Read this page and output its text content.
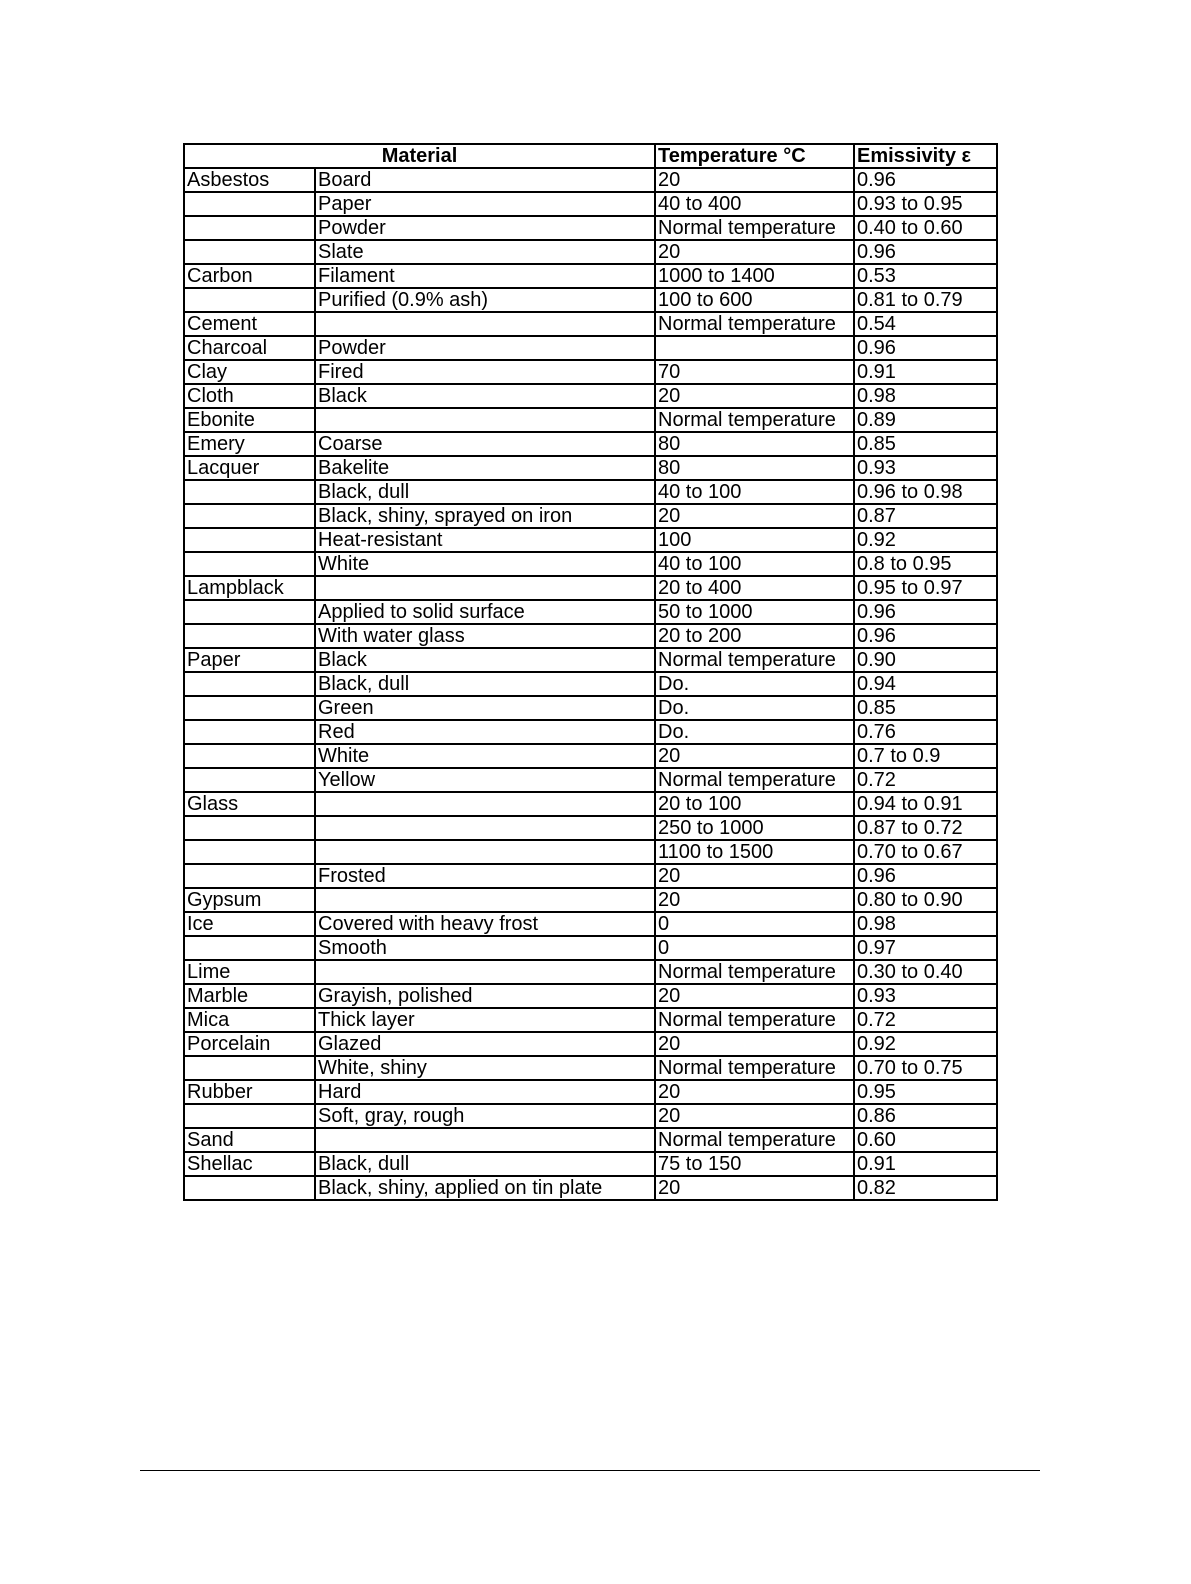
Material		Temperature °C	Emissivity ε
Asbestos	Board	20	0.96
	Paper	40 to 400	0.93 to 0.95
	Powder	Normal temperature	0.40 to 0.60
	Slate	20	0.96
Carbon	Filament	1000 to 1400	0.53
	Purified (0.9% ash)	100 to 600	0.81 to 0.79
Cement		Normal temperature	0.54
Charcoal	Powder		0.96
Clay	Fired	70	0.91
Cloth	Black	20	0.98
Ebonite		Normal temperature	0.89
Emery	Coarse	80	0.85
Lacquer	Bakelite	80	0.93
	Black, dull	40 to 100	0.96 to 0.98
	Black, shiny, sprayed on iron	20	0.87
	Heat-resistant	100	0.92
	White	40 to 100	0.8 to 0.95
Lampblack		20 to 400	0.95 to 0.97
	Applied to solid surface	50 to 1000	0.96
	With water glass	20 to 200	0.96
Paper	Black	Normal temperature	0.90
	Black, dull	Do.	0.94
	Green	Do.	0.85
	Red	Do.	0.76
	White	20	0.7 to 0.9
	Yellow	Normal temperature	0.72
Glass		20 to 100	0.94 to 0.91
		250 to 1000	0.87 to 0.72
		1100 to 1500	0.70 to 0.67
	Frosted	20	0.96
Gypsum		20	0.80 to 0.90
Ice	Covered with heavy frost	0	0.98
	Smooth	0	0.97
Lime		Normal temperature	0.30 to 0.40
Marble	Grayish, polished	20	0.93
Mica	Thick layer	Normal temperature	0.72
Porcelain	Glazed	20	0.92
	White, shiny	Normal temperature	0.70 to 0.75
Rubber	Hard	20	0.95
	Soft, gray, rough	20	0.86
Sand		Normal temperature	0.60
Shellac	Black, dull	75 to 150	0.91
	Black, shiny, applied on tin plate	20	0.82
